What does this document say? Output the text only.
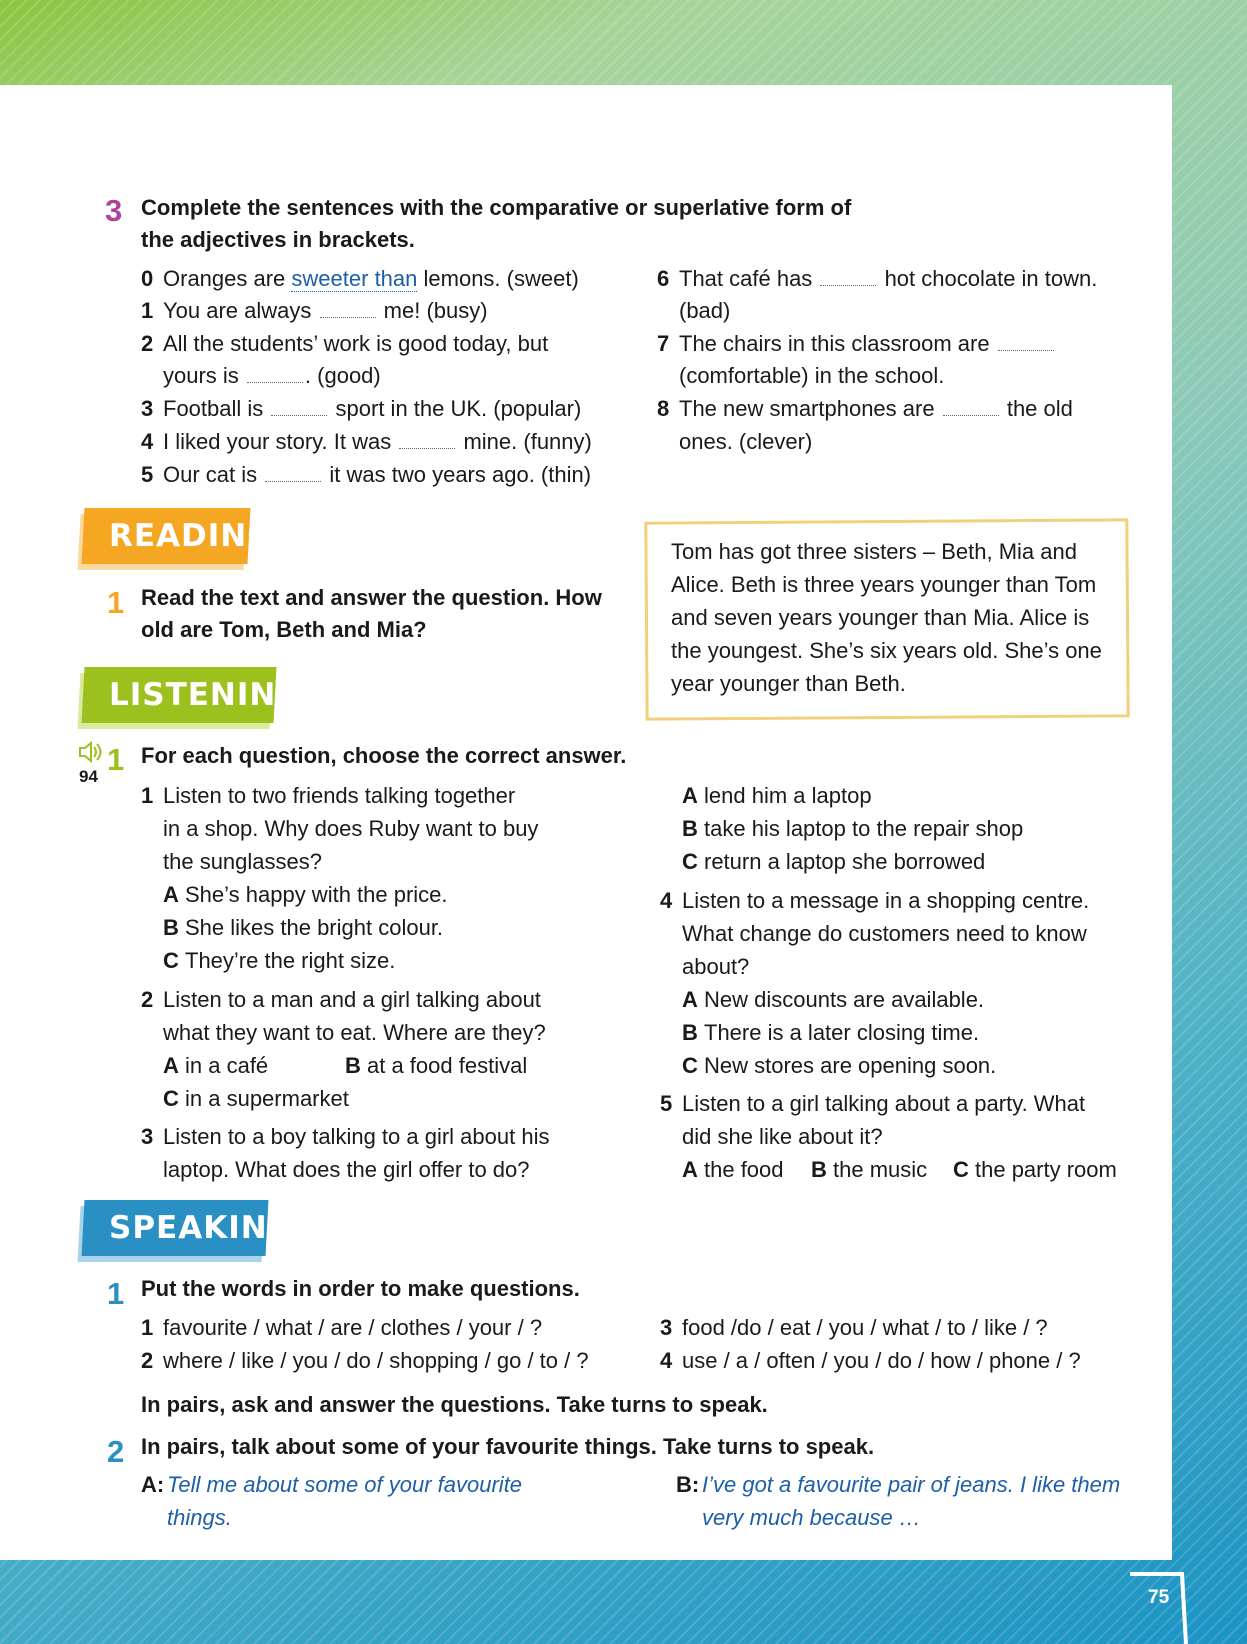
3 Complete the sentences with the comparative or superlative form of
the adjectives in brackets.
0 Oranges are sweeter than lemons. (sweet)
1 You are always	me! (busy)
2 All the students’ work is good today, but
yours is	. (good)
3 Football is	sport in the UK. (popular)
4 I liked your story. It was	mine. (funny)
5 Our cat is	it was two years ago. (thin)
6 That café has	hot chocolate in town.
(bad)
7 The chairs in this classroom are
(comfortable) in the school.
8 The new smartphones are	the old
ones. (clever)
READING
1 Read the text and answer the question. How
old are Tom, Beth and Mia?
Tom has got three sisters – Beth, Mia and
Alice. Beth is three years younger than Tom
and seven years younger than Mia. Alice is
the youngest. She’s six years old. She’s one
year younger than Beth.
LISTENING
94 1 For each question, choose the correct answer.
1 Listen to two friends talking together
in a shop. Why does Ruby want to buy
the sunglasses?
A She’s happy with the price.
B She likes the bright colour.
C They’re the right size.
2 Listen to a man and a girl talking about
what they want to eat. Where are they?
A in a café	B at a food festival
C in a supermarket
3 Listen to a boy talking to a girl about his
laptop. What does the girl offer to do?
A lend him a laptop
B take his laptop to the repair shop
C return a laptop she borrowed
4 Listen to a message in a shopping centre.
What change do customers need to know
about?
A New discounts are available.
B There is a later closing time.
C New stores are opening soon.
5 Listen to a girl talking about a party. What
did she like about it?
A the food B the music C the party room
SPEAKING
1 Put the words in order to make questions.
1 favourite / what / are / clothes / your / ?
2 where / like / you / do / shopping / go / to / ?
3 food /do / eat / you / what / to / like / ?
4 use / a / often / you / do / how / phone / ?
In pairs, ask and answer the questions. Take turns to speak.
2 In pairs, talk about some of your favourite things. Take turns to speak.
A: Tell me about some of your favourite
things.
B: I’ve got a favourite pair of jeans. I like them
very much because …
75
